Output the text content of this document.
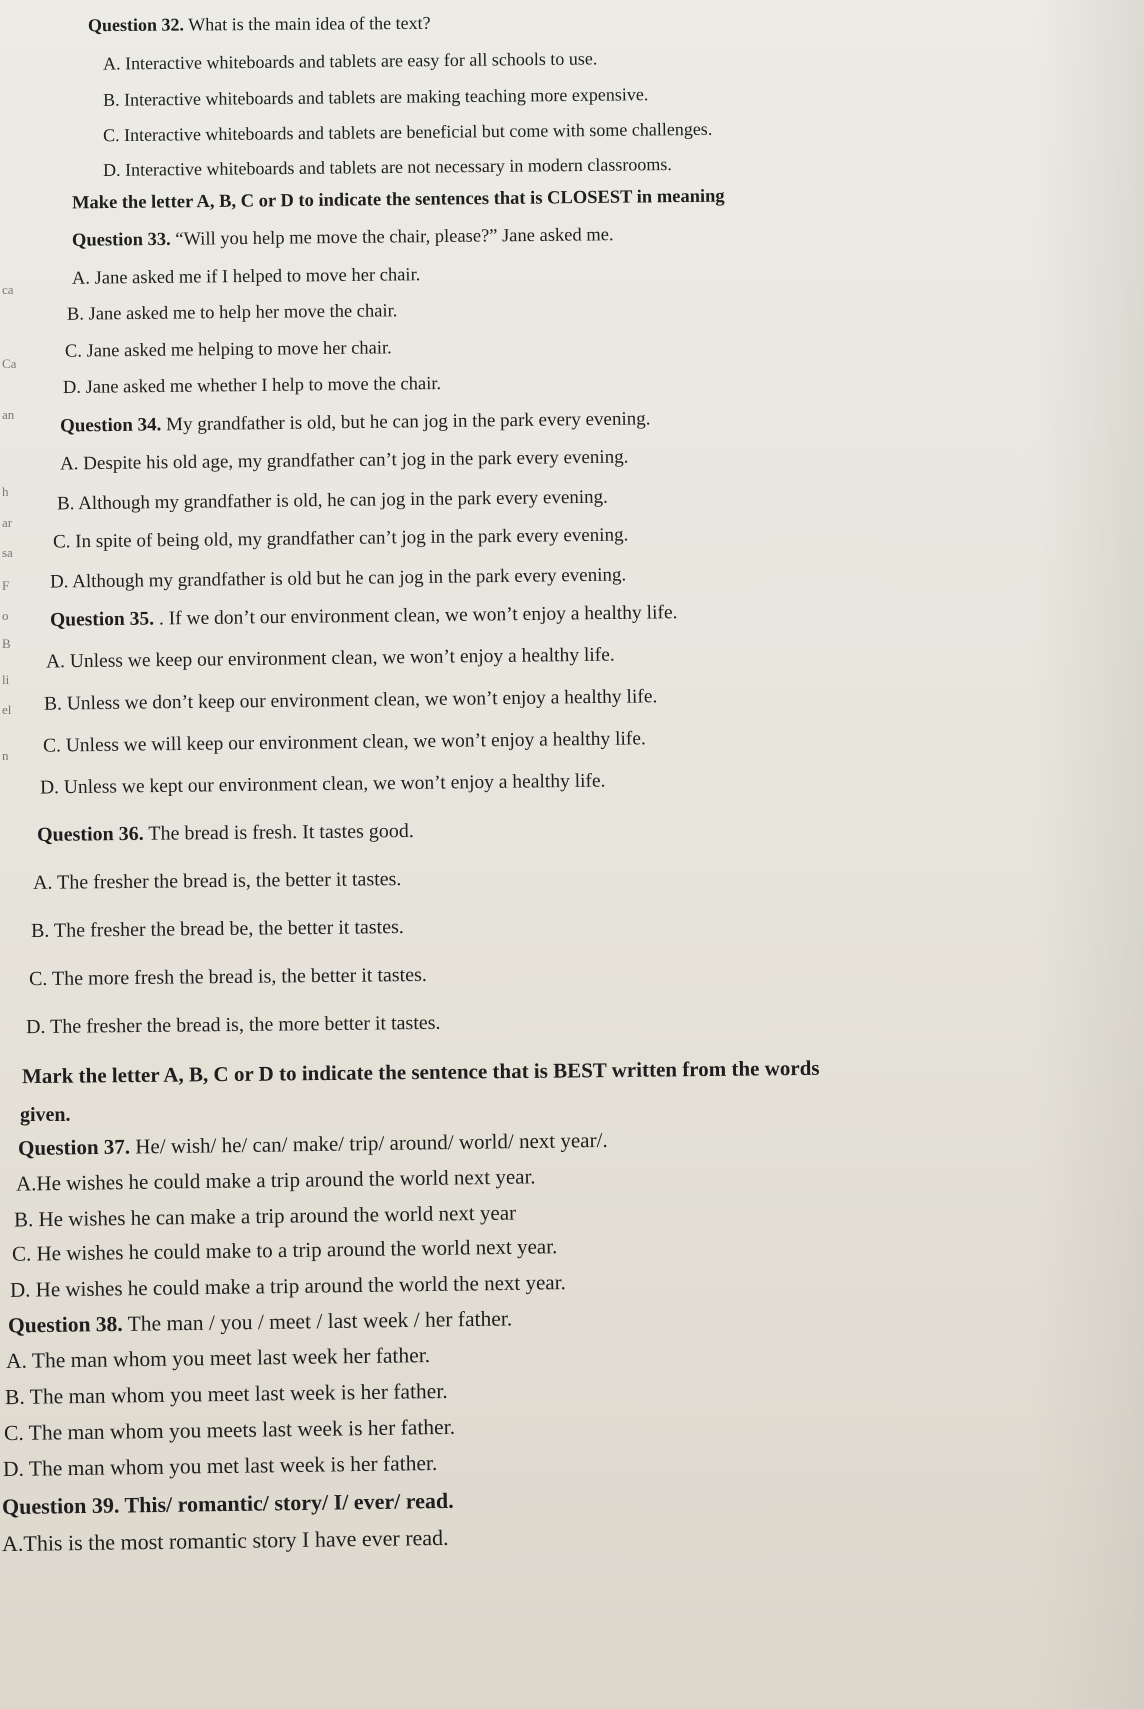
ca
Ca
an
h
ar
sa
F
o
B
li
el
n
Question 32. What is the main idea of the text?
A. Interactive whiteboards and tablets are easy for all schools to use.
B. Interactive whiteboards and tablets are making teaching more expensive.
C. Interactive whiteboards and tablets are beneficial but come with some challenges.
D. Interactive whiteboards and tablets are not necessary in modern classrooms.
Make the letter A, B, C or D to indicate the sentences that is CLOSEST in meaning
Question 33. “Will you help me move the chair, please?” Jane asked me.
A. Jane asked me if I helped to move her chair.
B. Jane asked me to help her move the chair.
C. Jane asked me helping to move her chair.
D. Jane asked me whether I help to move the chair.
Question 34. My grandfather is old, but he can jog in the park every evening.
A. Despite his old age, my grandfather can’t jog in the park every evening.
B. Although my grandfather is old, he can jog in the park every evening.
C. In spite of being old, my grandfather can’t jog in the park every evening.
D. Although my grandfather is old but he can jog in the park every evening.
Question 35. . If we don’t our environment clean, we won’t enjoy a healthy life.
A. Unless we keep our environment clean, we won’t enjoy a healthy life.
B. Unless we don’t keep our environment clean, we won’t enjoy a healthy life.
C. Unless we will keep our environment clean, we won’t enjoy a healthy life.
D. Unless we kept our environment clean, we won’t enjoy a healthy life.
Question 36. The bread is fresh. It tastes good.
A. The fresher the bread is, the better it tastes.
B. The fresher the bread be, the better it tastes.
C. The more fresh the bread is, the better it tastes.
D. The fresher the bread is, the more better it tastes.
Mark the letter A, B, C or D to indicate the sentence that is BEST written from the words
given.
Question 37. He/ wish/ he/ can/ make/ trip/ around/ world/ next year/.
A.He wishes he could make a trip around the world next year.
B. He wishes he can make a trip around the world next year
C. He wishes he could make to a trip around the world next year.
D. He wishes he could make a trip around the world the next year.
Question 38. The man / you / meet / last week / her father.
A. The man whom you meet last week her father.
B. The man whom you meet last week is her father.
C. The man whom you meets last week is her father.
D. The man whom you met last week is her father.
Question 39. This/ romantic/ story/ I/ ever/ read.
A.This is the most romantic story I have ever read.
